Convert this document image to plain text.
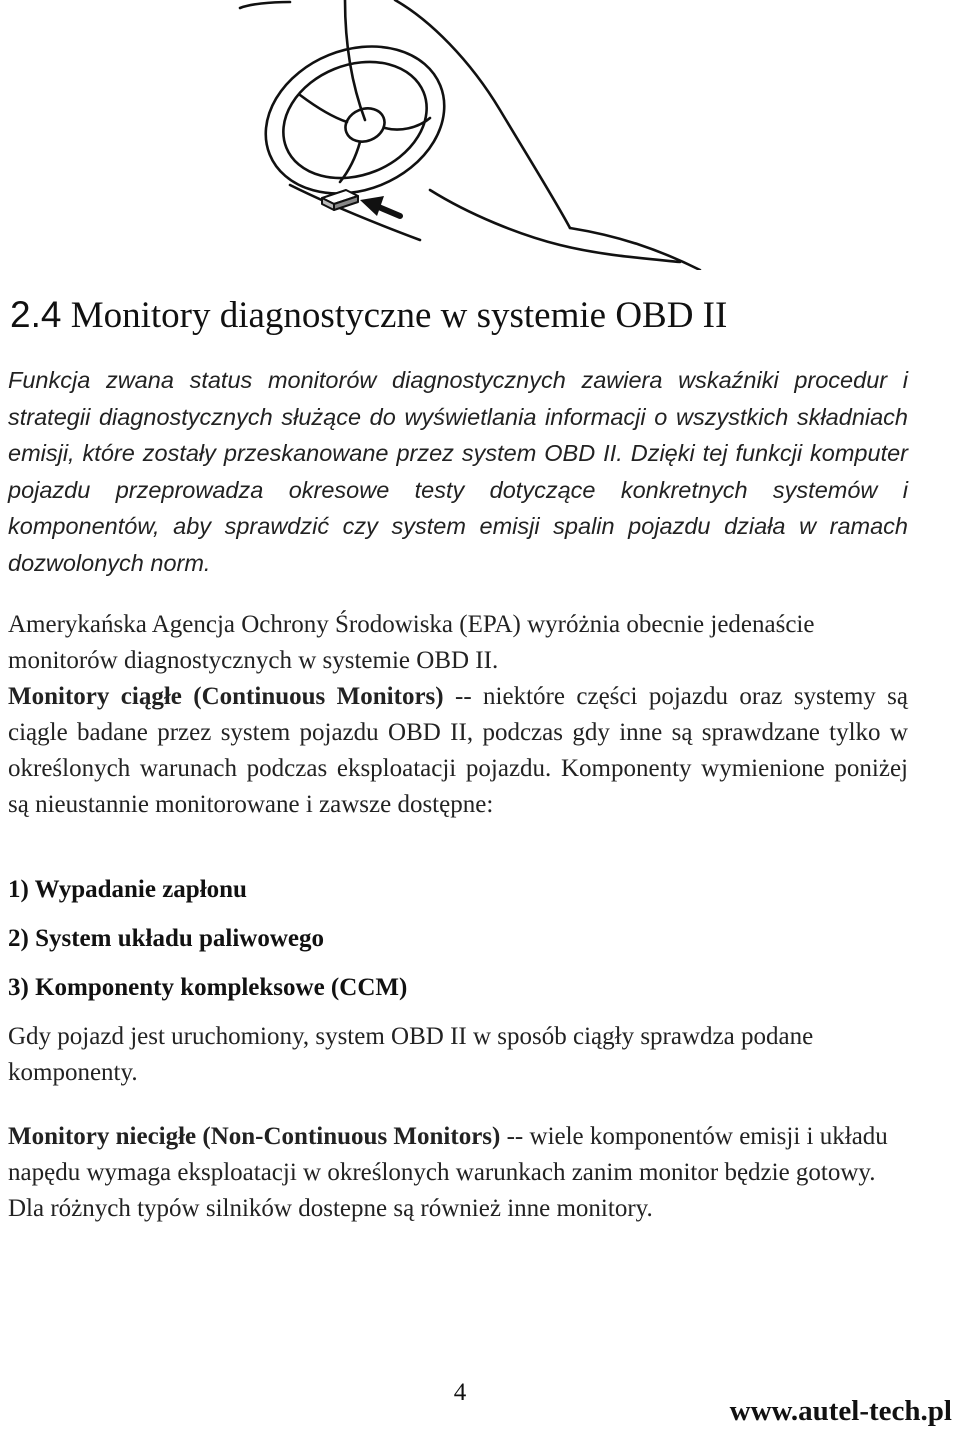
2.4 Monitory diagnostyczne w systemie OBD II
Funkcja zwana status monitorów diagnostycznych zawiera wskaźniki procedur i strategii diagnostycznych służące do wyświetlania informacji o wszystkich składniach emisji, które zostały przeskanowane przez system OBD II. Dzięki tej funkcji komputer pojazdu przeprowadza okresowe testy dotyczące konkretnych systemów i komponentów, aby sprawdzić czy system emisji spalin pojazdu działa w ramach dozwolonych norm.
Amerykańska Agencja Ochrony Środowiska (EPA) wyróżnia obecnie jedenaście monitorów diagnostycznych w systemie OBD II.
Monitory ciągłe (Continuous Monitors) -- niektóre części pojazdu oraz systemy są ciągle badane przez system pojazdu OBD II, podczas gdy inne są sprawdzane tylko w określonych warunach podczas eksploatacji pojazdu. Komponenty wymienione poniżej są nieustannie monitorowane i zawsze dostępne:
1) Wypadanie zapłonu
2) System układu paliwowego
3) Komponenty kompleksowe (CCM)
Gdy pojazd jest uruchomiony, system OBD II w sposób ciągły sprawdza podane komponenty.
Monitory niecigłe (Non-Continuous Monitors) -- wiele komponentów emisji i układu napędu wymaga eksploatacji w określonych warunkach zanim monitor będzie gotowy. Dla różnych typów silników dostepne są również inne monitory.
4
www.autel-tech.pl
